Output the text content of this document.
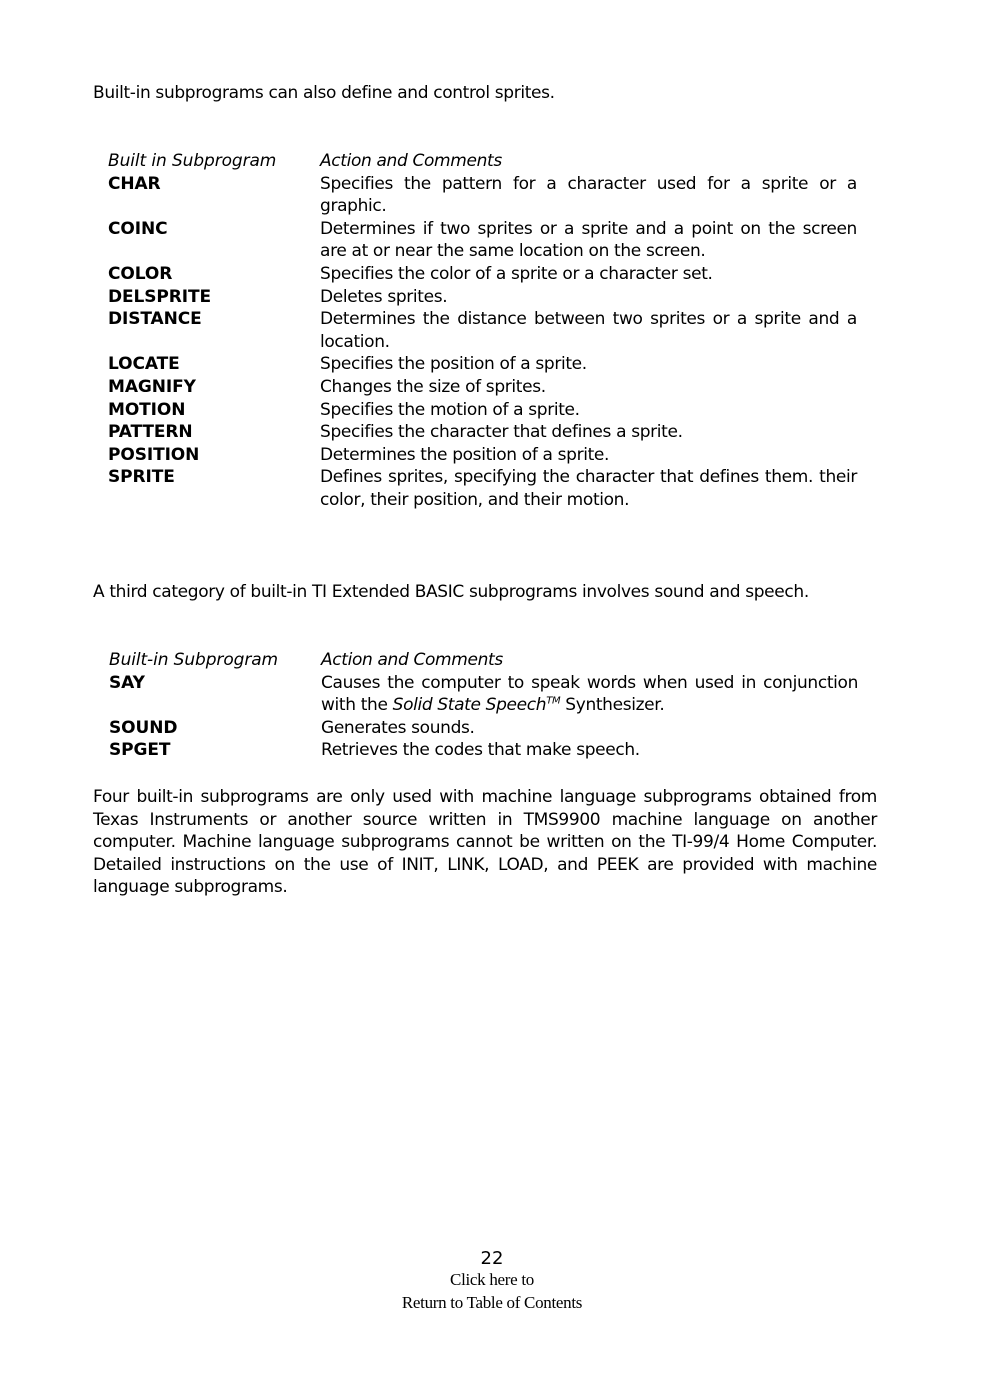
Built-in subprograms can also define and control sprites.

Built in Subprogram	Action and Comments
CHAR	Specifies the pattern for a character used for a sprite or a graphic.
COINC	Determines if two sprites or a sprite and a point on the screen are at or near the same location on the screen.
COLOR	Specifies the color of a sprite or a character set.
DELSPRITE	Deletes sprites.
DISTANCE	Determines the distance between two sprites or a sprite and a location.
LOCATE	Specifies the position of a sprite.
MAGNIFY	Changes the size of sprites.
MOTION	Specifies the motion of a sprite.
PATTERN	Specifies the character that defines a sprite.
POSITION	Determines the position of a sprite.
SPRITE	Defines sprites, specifying the character that defines them. their color, their position, and their motion.

A third category of built-in TI Extended BASIC subprograms involves sound and speech.

Built-in Subprogram	Action and Comments
SAY	Causes the computer to speak words when used in conjunction with the Solid State Speech™ Synthesizer.
SOUND	Generates sounds.
SPGET	Retrieves the codes that make speech.

Four built-in subprograms are only used with machine language subprograms obtained from Texas Instruments or another source written in TMS9900 machine language on another computer. Machine language subprograms cannot be written on the TI-99/4 Home Computer. Detailed instructions on the use of INIT, LINK, LOAD, and PEEK are provided with machine language subprograms.

22
Click here to
Return to Table of Contents
